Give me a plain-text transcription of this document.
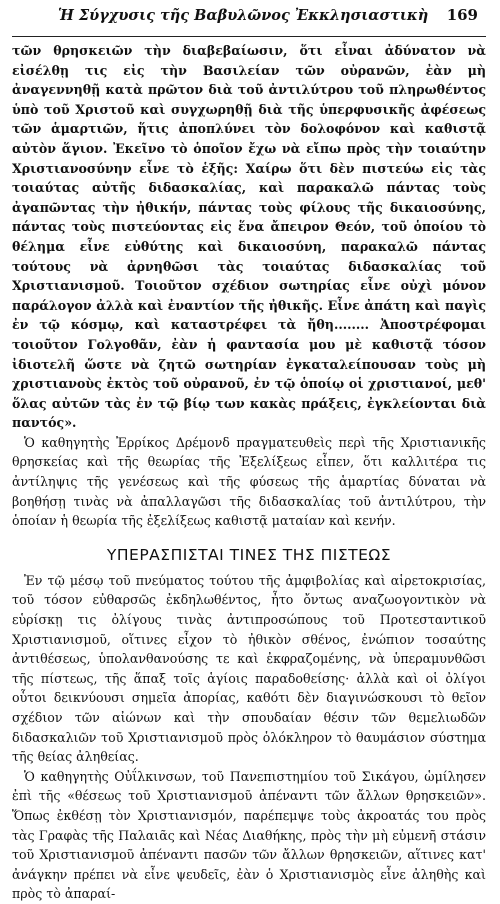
Ἡ Σύγχυσις τῆς Βαβυλῶνος Ἐκκλησιαστικὴ 169

τῶν θρησκειῶν τὴν διαβεβαίωσιν, ὅτι εἶναι ἀδύνατον νὰ εἰσέλθῃ τις εἰς τὴν Βασιλείαν τῶν οὐρανῶν, ἐὰν μὴ ἀναγεννηθῇ κατὰ πρῶτον διὰ τοῦ ἀντιλύτρου τοῦ πληρωθέντος ὑπὸ τοῦ Χριστοῦ καὶ συγχωρηθῇ διὰ τῆς ὑπερφυσικῆς ἀφέσεως τῶν ἁμαρτιῶν, ἥτις ἀποπλύνει τὸν δολοφόνον καὶ καθιστᾷ αὐτὸν ἅγιον. Ἐκεῖνο τὸ ὁποῖον ἔχω νὰ εἴπω πρὸς τὴν τοιαύτην Χριστιανοσύνην εἶνε τὸ ἑξῆς: Χαίρω ὅτι δὲν πιστεύω εἰς τὰς τοιαύτας αὐτῆς διδασκαλίας, καὶ παρακαλῶ πάντας τοὺς ἀγαπῶντας τὴν ἠθικήν, πάντας τοὺς φίλους τῆς δικαιοσύνης, πάντας τοὺς πιστεύοντας εἰς ἕνα ἄπειρον Θεόν, τοῦ ὁποίου τὸ θέλημα εἶνε εὐθύτης καὶ δικαιοσύνη, παρακαλῶ πάντας τούτους νὰ ἀρνηθῶσι τὰς τοιαύτας διδασκαλίας τοῦ Χριστιανισμοῦ. Τοιοῦτον σχέδιον σωτηρίας εἶνε οὐχὶ μόνον παράλογον ἀλλὰ καὶ ἐναντίον τῆς ἠθικῆς. Εἶνε ἀπάτη καὶ παγὶς ἐν τῷ κόσμῳ, καὶ καταστρέφει τὰ ἤθη........ Ἀποστρέφομαι τοιοῦτον Γολγοθᾶν, ἐὰν ἡ φαντασία μου μὲ καθιστᾷ τόσον ἰδιοτελῆ ὥστε νὰ ζητῶ σωτηρίαν ἐγκαταλείπουσαν τοὺς μὴ χριστιανοὺς ἐκτὸς τοῦ οὐρανοῦ, ἐν τῷ ὁποίῳ οἱ χριστιανοί, μεθ' ὅλας αὐτῶν τὰς ἐν τῷ βίῳ των κακὰς πράξεις, ἐγκλείονται διὰ παντός».

Ὁ καθηγητὴς Ἐρρίκος Δρέμονδ πραγματευθεὶς περὶ τῆς Χριστιανικῆς θρησκείας καὶ τῆς θεωρίας τῆς Ἐξελίξεως εἶπεν, ὅτι καλλιτέρα τις ἀντίληψις τῆς γενέσεως καὶ τῆς φύσεως τῆς ἁμαρτίας δύναται νὰ βοηθήσῃ τινὰς νὰ ἀπαλλαγῶσι τῆς διδασκαλίας τοῦ ἀντιλύτρου, τὴν ὁποίαν ἡ θεωρία τῆς ἐξελίξεως καθιστᾷ ματαίαν καὶ κενήν.

ΥΠΕΡΑΣΠΙΣΤΑΙ ΤΙΝΕΣ ΤΗΣ ΠΙΣΤΕΩΣ

Ἐν τῷ μέσῳ τοῦ πνεύματος τούτου τῆς ἀμφιβολίας καὶ αἱρετοκρισίας, τοῦ τόσον εὐθαρσῶς ἐκδηλωθέντος, ἦτο ὄντως αναζωογοντικὸν νὰ εὑρίσκῃ τις ὀλίγους τινὰς ἀντιπροσώπους τοῦ Προτεσταντικοῦ Χριστιανισμοῦ, οἵτινες εἶχον τὸ ἠθικὸν σθένος, ἐνώπιον τοσαύτης ἀντιθέσεως, ὑπολανθανούσης τε καὶ ἐκφραζομένης, νὰ ὑπεραμυνθῶσι τῆς πίστεως, τῆς ἅπαξ τοῖς ἁγίοις παραδοθείσης· ἀλλὰ καὶ οἱ ὀλίγοι οὗτοι δεικνύουσι σημεῖα ἀπορίας, καθότι δὲν διαγινώσκουσι τὸ θεῖον σχέδιον τῶν αἰώνων καὶ τὴν σπουδαίαν θέσιν τῶν θεμελιωδῶν διδασκαλιῶν τοῦ Χριστιανισμοῦ πρὸς ὁλόκληρον τὸ θαυμάσιον σύστημα τῆς θείας ἀληθείας.

Ὁ καθηγητὴς Οὐΐλκινσων, τοῦ Πανεπιστημίου τοῦ Σικάγου, ὡμίλησεν ἐπὶ τῆς «θέσεως τοῦ Χριστιανισμοῦ ἀπέναντι τῶν ἄλλων θρησκειῶν». Ὅπως ἐκθέσῃ τὸν Χριστιανισμόν, παρέπεμψε τοὺς ἀκροατάς του πρὸς τὰς Γραφὰς τῆς Παλαιᾶς καὶ Νέας Διαθήκης, πρὸς τὴν μὴ εὐμενῆ στάσιν τοῦ Χριστιανισμοῦ ἀπέναντι πασῶν τῶν ἄλλων θρησκειῶν, αἵτινες κατ' ἀνάγκην πρέπει νὰ εἶνε ψευδεῖς, ἐὰν ὁ Χριστιανισμὸς εἶνε ἀληθὴς καὶ πρὸς τὸ ἀπαραί-
